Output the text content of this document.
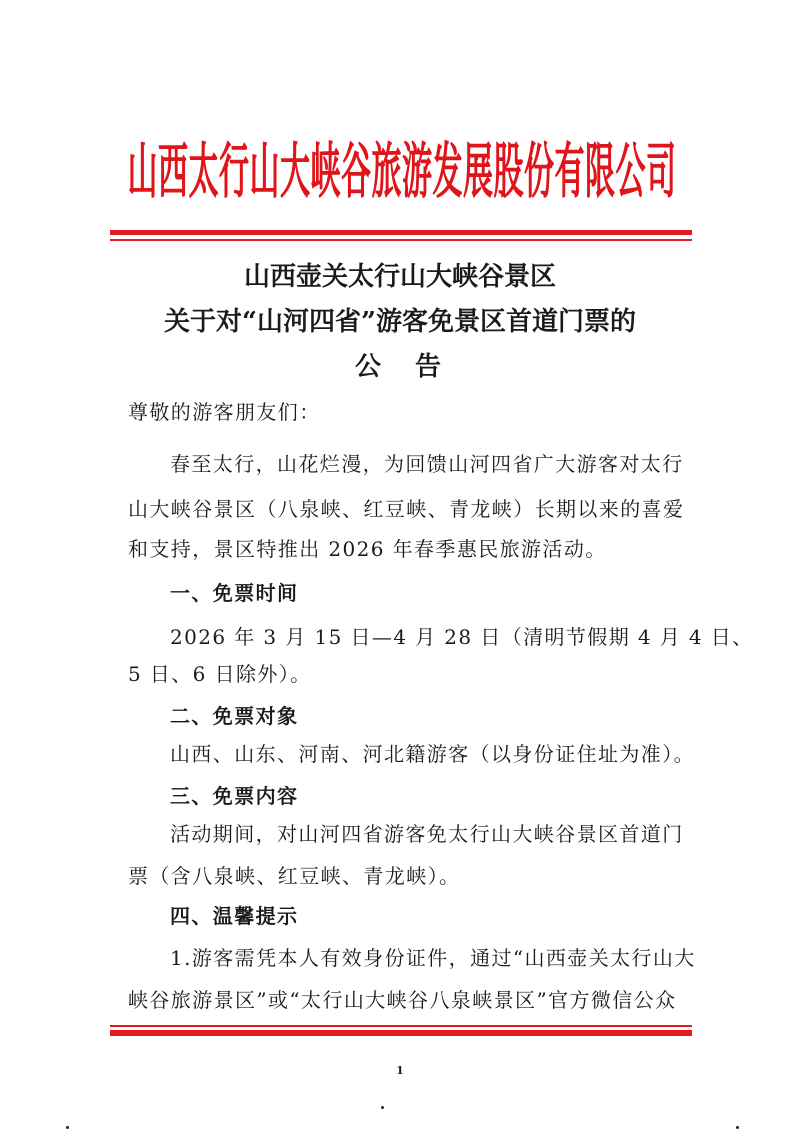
山西太行山大峡谷旅游发展股份有限公司
山西壶关太行山大峡谷景区
关于对“山河四省”游客免景区首道门票的
公　告
尊敬的游客朋友们：
春至太行，山花烂漫，为回馈山河四省广大游客对太行
山大峡谷景区（八泉峡、红豆峡、青龙峡）长期以来的喜爱
和支持，景区特推出 2026 年春季惠民旅游活动。
一、免票时间
2026 年 3 月 15 日—4 月 28 日（清明节假期 4 月 4 日、
5 日、6 日除外）。
二、免票对象
山西、山东、河南、河北籍游客（以身份证住址为准）。
三、免票内容
活动期间，对山河四省游客免太行山大峡谷景区首道门
票（含八泉峡、红豆峡、青龙峡）。
四、温馨提示
1.游客需凭本人有效身份证件，通过“山西壶关太行山大
峡谷旅游景区”或“太行山大峡谷八泉峡景区”官方微信公众
1
